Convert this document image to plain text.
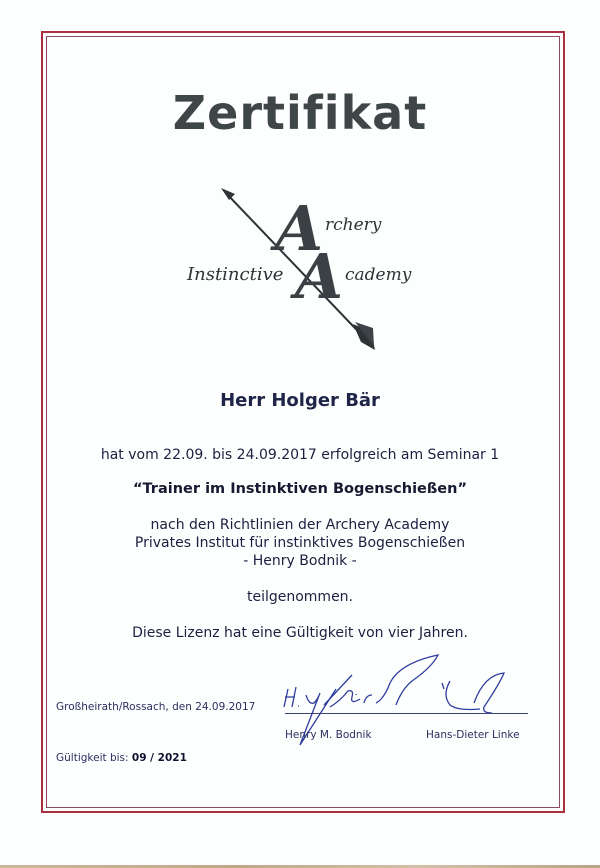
Zertifikat
A
A
rchery
Instinctive	cademy
Herr Holger Bär
hat vom 22.09. bis 24.09.2017 erfolgreich am Seminar 1
“Trainer im Instinktiven Bogenschießen”
nach den Richtlinien der Archery Academy
Privates Institut für instinktives Bogenschießen
- Henry Bodnik -
teilgenommen.
Diese Lizenz hat eine Gültigkeit von vier Jahren.
Großheirath/Rossach, den 24.09.2017
Henry M. Bodnik	Hans-Dieter Linke
Gültigkeit bis: 09 / 2021
